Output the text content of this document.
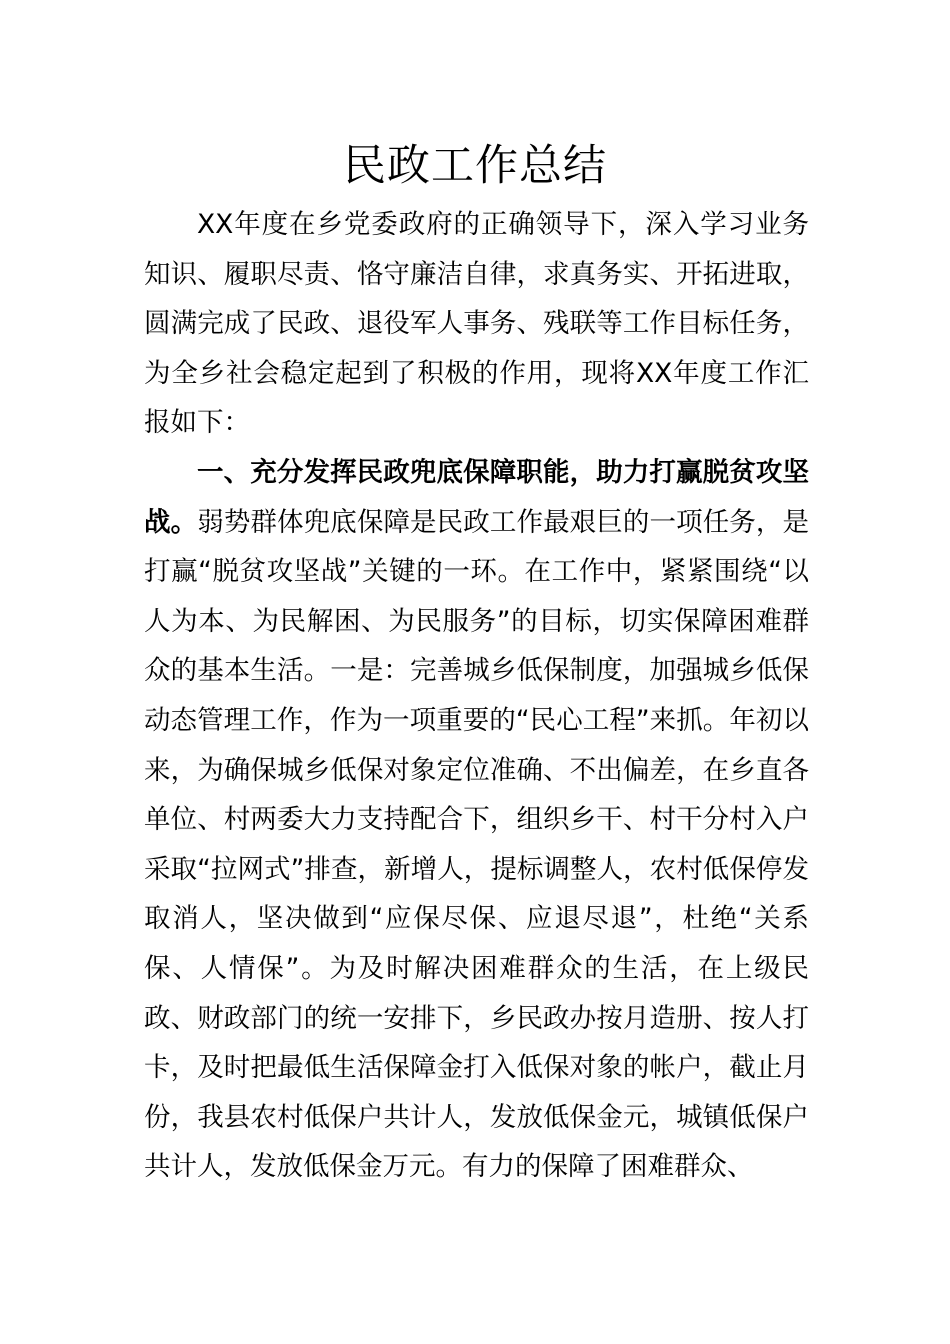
民政工作总结

XX年度在乡党委政府的正确领导下，深入学习业务知识、履职尽责、恪守廉洁自律，求真务实、开拓进取，圆满完成了民政、退役军人事务、残联等工作目标任务，为全乡社会稳定起到了积极的作用，现将XX年度工作汇报如下：

一、充分发挥民政兜底保障职能，助力打赢脱贫攻坚战。弱势群体兜底保障是民政工作最艰巨的一项任务，是打赢“脱贫攻坚战”关键的一环。在工作中，紧紧围绕“以人为本、为民解困、为民服务”的目标，切实保障困难群众的基本生活。一是：完善城乡低保制度，加强城乡低保动态管理工作，作为一项重要的“民心工程”来抓。年初以来，为确保城乡低保对象定位准确、不出偏差，在乡直各单位、村两委大力支持配合下，组织乡干、村干分村入户采取“拉网式”排查，新增人，提标调整人，农村低保停发取消人，坚决做到“应保尽保、应退尽退”，杜绝“关系保、人情保”。为及时解决困难群众的生活，在上级民政、财政部门的统一安排下，乡民政办按月造册、按人打卡，及时把最低生活保障金打入低保对象的帐户，截止月份，我县农村低保户共计人，发放低保金元，城镇低保户共计人，发放低保金万元。有力的保障了困难群众、
